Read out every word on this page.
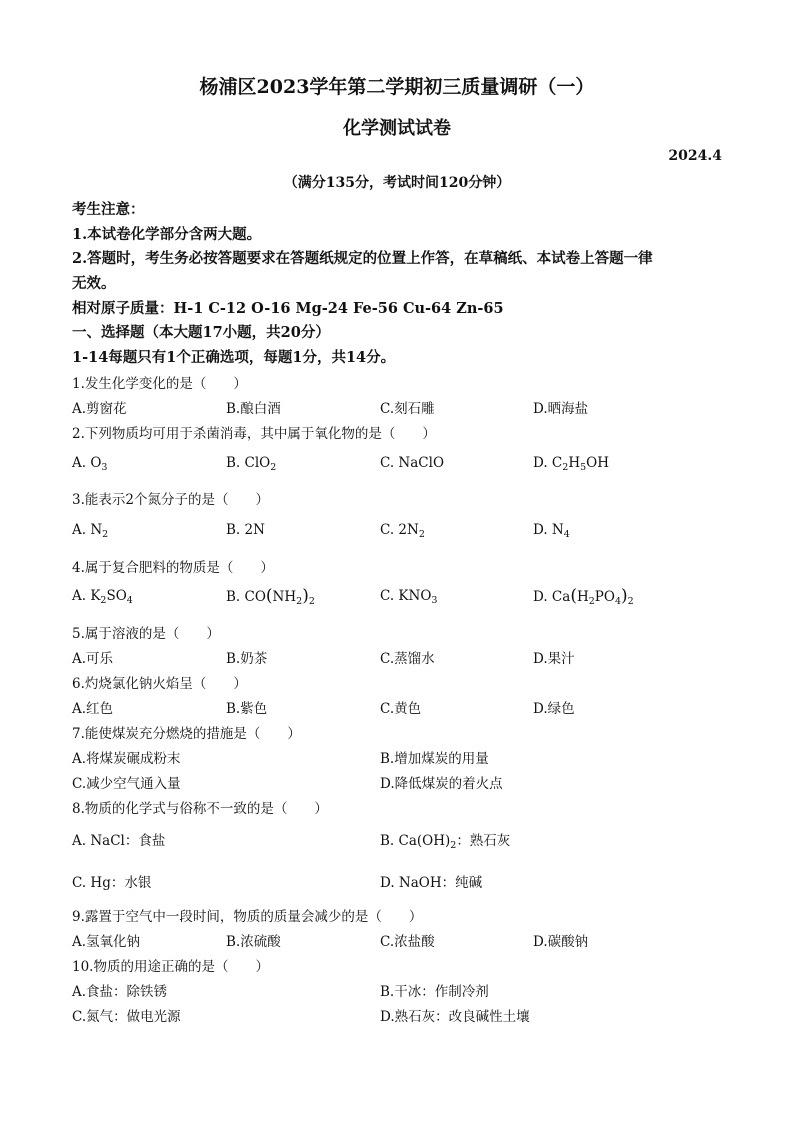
杨浦区2023学年第二学期初三质量调研（一）
化学测试试卷
2024.4
（满分135分，考试时间120分钟）
考生注意：
1.本试卷化学部分含两大题。
2.答题时，考生务必按答题要求在答题纸规定的位置上作答，在草稿纸、本试卷上答题一律
无效。
相对原子质量：H-1 C-12 O-16 Mg-24 Fe-56 Cu-64 Zn-65
一、选择题（本大题17小题，共20分）
1-14每题只有1个正确选项，每题1分，共14分。
1.发生化学变化的是（　　）
A.剪窗花	B.酿白酒	C.刻石雕	D.晒海盐
2.下列物质均可用于杀菌消毒，其中属于氧化物的是（　　）
A. $O_3$	B. ClO$_2$	C. NaClO	D. $C_2H_5OH$
3.能表示2个氮分子的是（　　）
A. $N_2$	B. 2N	C. $2N_2$	D. $N_4$
4.属于复合肥料的物质是（　　）
A. $K_2SO_4$	B. $CO(NH_2)_2$	C. $KNO_3$	D. $Ca(H_2PO_4)_2$
5.属于溶液的是（　　）
A.可乐	B.奶茶	C.蒸馏水	D.果汁
6.灼烧氯化钠火焰呈（　　）
A.红色	B.紫色	C.黄色	D.绿色
7.能使煤炭充分燃烧的措施是（　　）
A.将煤炭碾成粉末	B.增加煤炭的用量
C.减少空气通入量	D.降低煤炭的着火点
8.物质的化学式与俗称不一致的是（　　）
A. NaCl：食盐	B. $Ca(OH)_2$：熟石灰
C. Hg：水银	D. NaOH：纯碱
9.露置于空气中一段时间，物质的质量会减少的是（　　）
A.氢氧化钠	B.浓硫酸	C.浓盐酸	D.碳酸钠
10.物质的用途正确的是（　　）
A.食盐：除铁锈	B.干冰：作制冷剂
C.氮气：做电光源	D.熟石灰：改良碱性土壤
